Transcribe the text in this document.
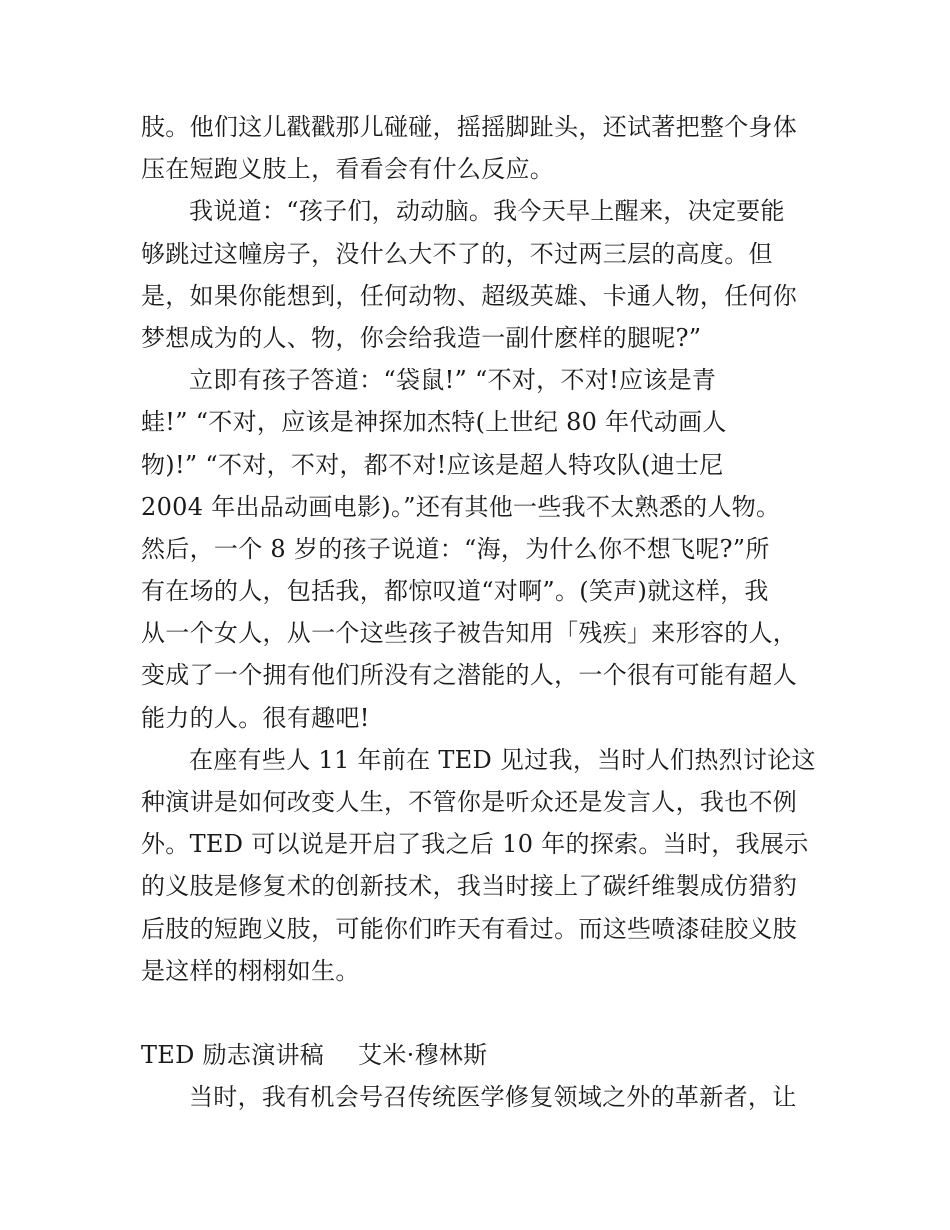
肢。他们这儿戳戳那儿碰碰，摇摇脚趾头，还试著把整个身体
压在短跑义肢上，看看会有什么反应。
我说道：“孩子们，动动脑。我今天早上醒来，决定要能
够跳过这幢房子，没什么大不了的，不过两三层的高度。但
是，如果你能想到，任何动物、超级英雄、卡通人物，任何你
梦想成为的人、物，你会给我造一副什麽样的腿呢?”
立即有孩子答道：“袋鼠!” “不对，不对!应该是青
蛙!” “不对，应该是神探加杰特(上世纪 80 年代动画人
物)!” “不对，不对，都不对!应该是超人特攻队(迪士尼
2004 年出品动画电影)。”还有其他一些我不太熟悉的人物。
然后，一个 8 岁的孩子说道：“海，为什么你不想飞呢?”所
有在场的人，包括我，都惊叹道“对啊”。(笑声)就这样，我
从一个女人，从一个这些孩子被告知用「残疾」来形容的人，
变成了一个拥有他们所没有之潜能的人，一个很有可能有超人
能力的人。很有趣吧!
在座有些人 11 年前在 TED 见过我，当时人们热烈讨论这
种演讲是如何改变人生，不管你是听众还是发言人，我也不例
外。TED 可以说是开启了我之后 10 年的探索。当时，我展示
的义肢是修复术的创新技术，我当时接上了碳纤维製成仿猎豹
后肢的短跑义肢，可能你们昨天有看过。而这些喷漆硅胶义肢
是这样的栩栩如生。
TED 励志演讲稿 艾米·穆林斯
当时，我有机会号召传统医学修复领域之外的革新者，让
